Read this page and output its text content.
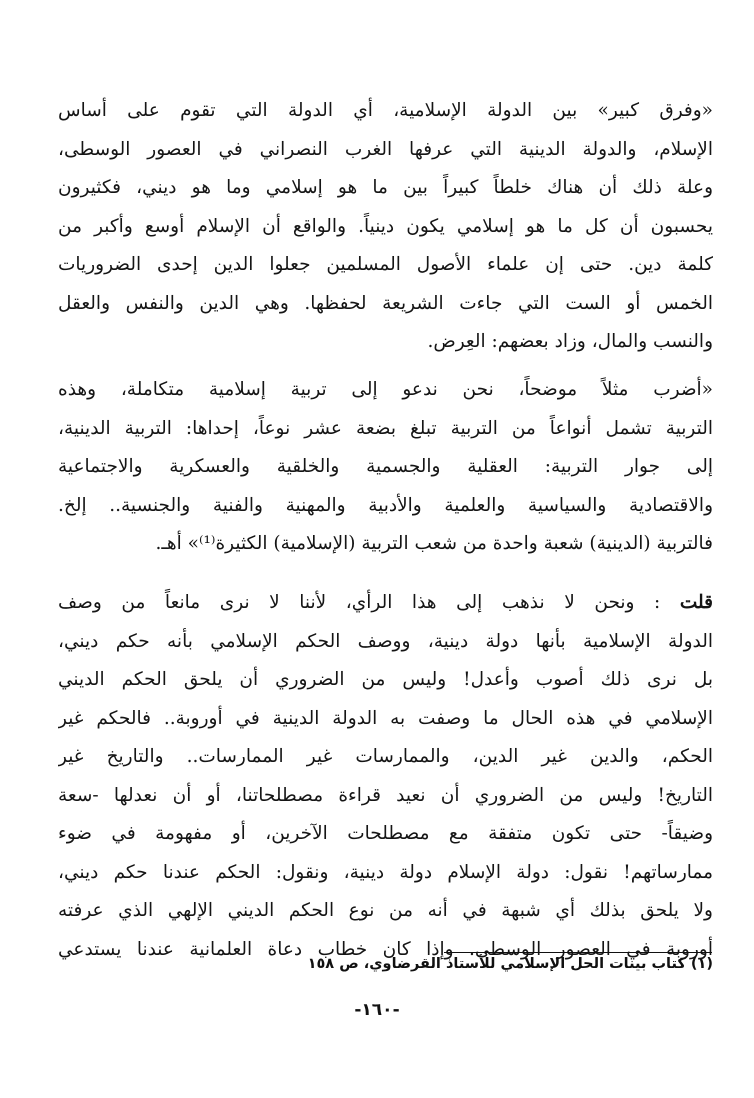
«وفرق كبير» بين الدولة الإسلامية، أي الدولة التي تقوم على أساس
الإسلام، والدولة الدينية التي عرفها الغرب النصراني في العصور الوسطى،
وعلة ذلك أن هناك خلطاً كبيراً بين ما هو إسلامي وما هو ديني، فكثيرون
يحسبون أن كل ما هو إسلامي يكون دينياً. والواقع أن الإسلام أوسع وأكبر من
كلمة دين. حتى إن علماء الأصول المسلمين جعلوا الدين إحدى الضروريات
الخمس أو الست التي جاءت الشريعة لحفظها. وهي الدين والنفس والعقل
والنسب والمال، وزاد بعضهم: العِرض.
«أضرب مثلاً موضحاً، نحن ندعو إلى تربية إسلامية متكاملة، وهذه
التربية تشمل أنواعاً من التربية تبلغ بضعة عشر نوعاً، إحداها: التربية الدينية،
إلى جوار التربية: العقلية والجسمية والخلقية والعسكرية والاجتماعية
والاقتصادية والسياسية والعلمية والأدبية والمهنية والفنية والجنسية.. إلخ.
فالتربية (الدينية) شعبة واحدة من شعب التربية (الإسلامية) الكثيرة⁽¹⁾» أهـ.
قلت : ونحن لا نذهب إلى هذا الرأي، لأننا لا نرى مانعاً من وصف
الدولة الإسلامية بأنها دولة دينية، ووصف الحكم الإسلامي بأنه حكم ديني،
بل نرى ذلك أصوب وأعدل! وليس من الضروري أن يلحق الحكم الديني
الإسلامي في هذه الحال ما وصفت به الدولة الدينية في أوروبة.. فالحكم غير
الحكم، والدين غير الدين، والممارسات غير الممارسات.. والتاريخ غير
التاريخ! وليس من الضروري أن نعيد قراءة مصطلحاتنا، أو أن نعدلها -سعة
وضيقاً- حتى تكون متفقة مع مصطلحات الآخرين، أو مفهومة في ضوء
ممارساتهم! نقول: دولة الإسلام دولة دينية، ونقول: الحكم عندنا حكم ديني،
ولا يلحق بذلك أي شبهة في أنه من نوع الحكم الديني الإلهي الذي عرفته
أوروبة في العصور الوسطى. وإذا كان خطاب دعاة العلمانية عندنا يستدعي
(١) كتاب بينات الحل الإسلامي للأستاذ القرضاوي، ص ١٥٨
-١٦٠-
